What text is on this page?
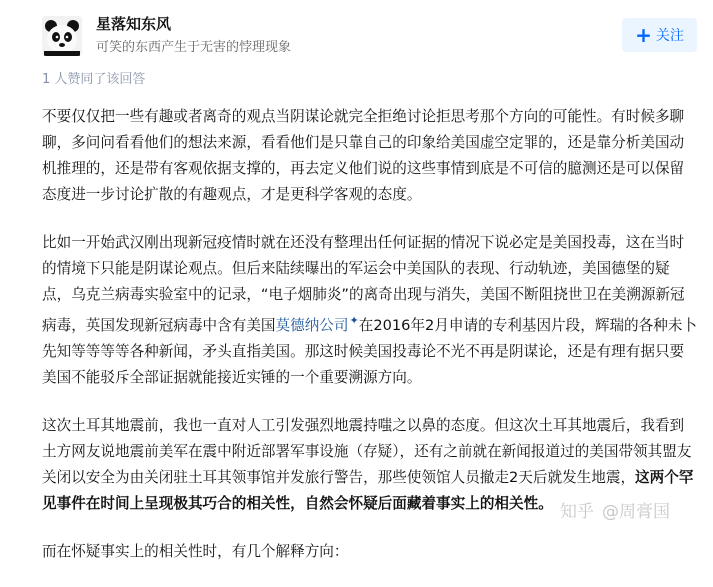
星落知东风
可笑的东西产生于无害的悖理现象
+ 关注
1 人赞同了该回答

不要仅仅把一些有趣或者离奇的观点当阴谋论就完全拒绝讨论拒思考那个方向的可能性。有时候多聊聊，多问问看看他们的想法来源，看看他们是只靠自己的印象给美国虚空定罪的，还是靠分析美国动机推理的，还是带有客观依据支撑的，再去定义他们说的这些事情到底是不可信的臆测还是可以保留态度进一步讨论扩散的有趣观点，才是更科学客观的态度。

比如一开始武汉刚出现新冠疫情时就在还没有整理出任何证据的情况下说必定是美国投毒，这在当时的情境下只能是阴谋论观点。但后来陆续曝出的军运会中美国队的表现、行动轨迹，美国德堡的疑点，乌克兰病毒实验室中的记录，“电子烟肺炎”的离奇出现与消失，美国不断阻挠世卫在美溯源新冠病毒，英国发现新冠病毒中含有美国莫德纳公司✦在2016年2月申请的专利基因片段，辉瑞的各种未卜先知等等等等各种新闻，矛头直指美国。那这时候美国投毒论不光不再是阴谋论，还是有理有据只要美国不能驳斥全部证据就能接近实锤的一个重要溯源方向。

这次土耳其地震前，我也一直对人工引发强烈地震持嗤之以鼻的态度。但这次土耳其地震后，我看到土方网友说地震前美军在震中附近部署军事设施（存疑），还有之前就在新闻报道过的美国带领其盟友关闭以安全为由关闭驻土耳其领事馆并发旅行警告，那些使领馆人员撤走2天后就发生地震，这两个罕见事件在时间上呈现极其巧合的相关性，自然会怀疑后面藏着事实上的相关性。

而在怀疑事实上的相关性时，有几个解释方向：

知乎 @周膏国
